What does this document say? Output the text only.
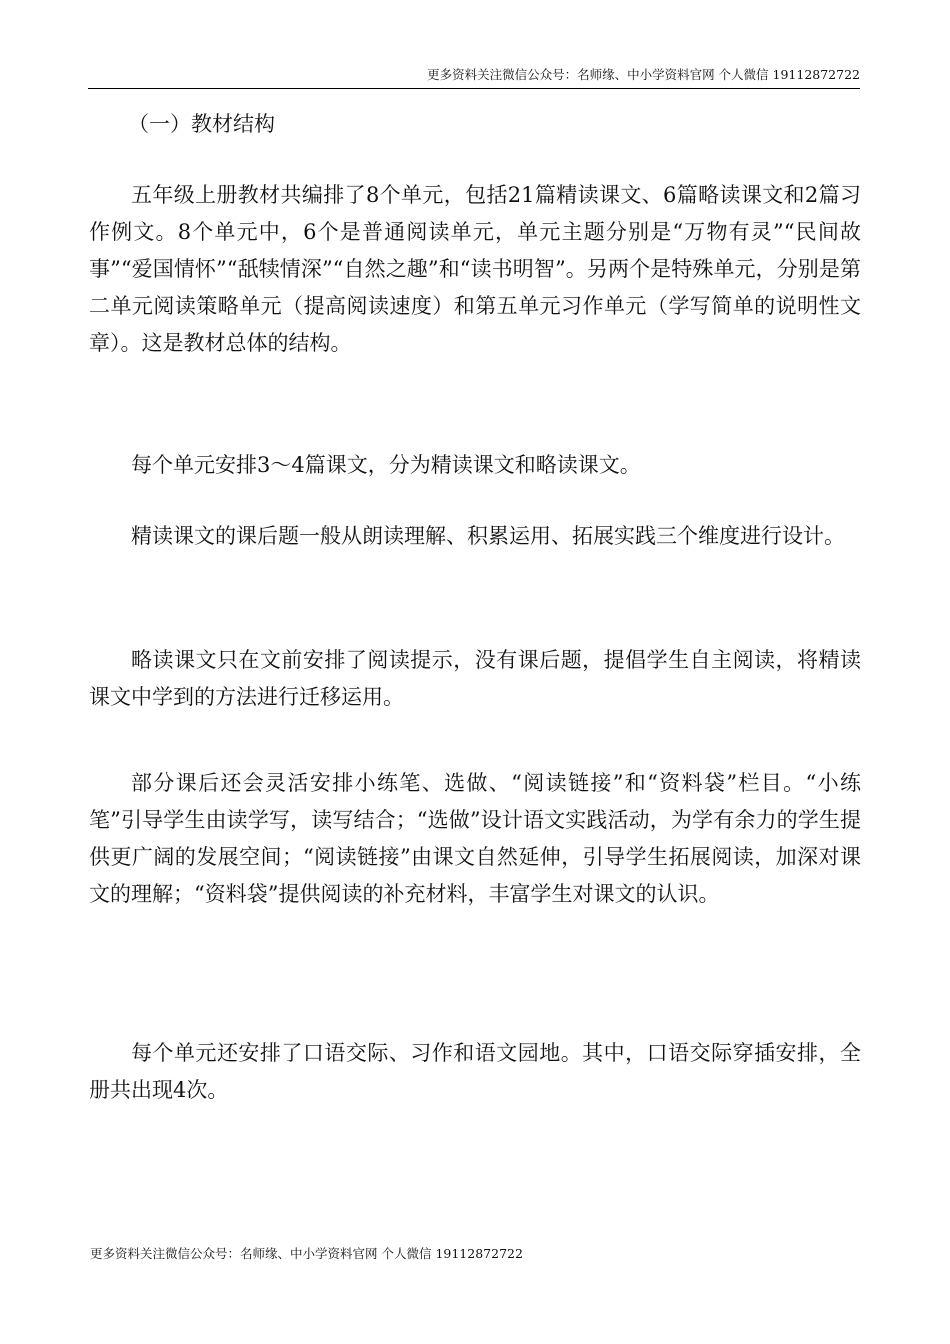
更多资料关注微信公众号：名师缘、中小学资料官网 个人微信 19112872722
（一）教材结构

五年级上册教材共编排了8个单元，包括21篇精读课文、6篇略读课文和2篇习作例文。8个单元中，6个是普通阅读单元，单元主题分别是“万物有灵”“民间故事”“爱国情怀”“舐犊情深”“自然之趣”和“读书明智”。另两个是特殊单元，分别是第二单元阅读策略单元（提高阅读速度）和第五单元习作单元（学写简单的说明性文章）。这是教材总体的结构。

每个单元安排3～4篇课文，分为精读课文和略读课文。

精读课文的课后题一般从朗读理解、积累运用、拓展实践三个维度进行设计。

略读课文只在文前安排了阅读提示，没有课后题，提倡学生自主阅读，将精读课文中学到的方法进行迁移运用。

部分课后还会灵活安排小练笔、选做、“阅读链接”和“资料袋”栏目。“小练笔”引导学生由读学写，读写结合；“选做”设计语文实践活动，为学有余力的学生提供更广阔的发展空间；“阅读链接”由课文自然延伸，引导学生拓展阅读，加深对课文的理解；“资料袋”提供阅读的补充材料，丰富学生对课文的认识。

每个单元还安排了口语交际、习作和语文园地。其中，口语交际穿插安排，全册共出现4次。

更多资料关注微信公众号：名师缘、中小学资料官网 个人微信 19112872722
